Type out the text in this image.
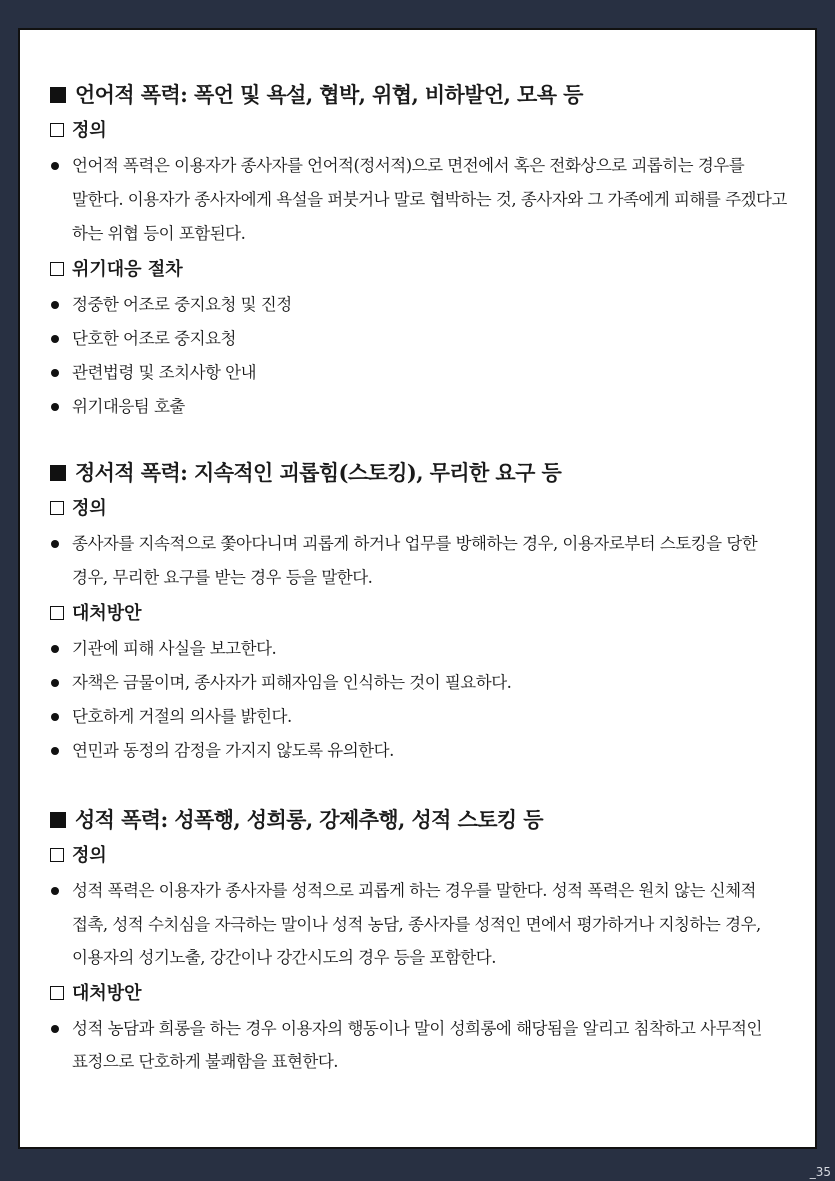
언어적 폭력: 폭언 및 욕설, 협박, 위협, 비하발언, 모욕 등
정의
언어적 폭력은 이용자가 종사자를 언어적(정서적)으로 면전에서 혹은 전화상으로 괴롭히는 경우를 말한다. 이용자가 종사자에게 욕설을 퍼붓거나 말로 협박하는 것, 종사자와 그 가족에게 피해를 주겠다고 하는 위협 등이 포함된다.
위기대응 절차
정중한 어조로 중지요청 및 진정
단호한 어조로 중지요청
관련법령 및 조치사항 안내
위기대응팀 호출
정서적 폭력: 지속적인 괴롭힘(스토킹), 무리한 요구 등
정의
종사자를 지속적으로 쫓아다니며 괴롭게 하거나 업무를 방해하는 경우, 이용자로부터 스토킹을 당한 경우, 무리한 요구를 받는 경우 등을 말한다.
대처방안
기관에 피해 사실을 보고한다.
자책은 금물이며, 종사자가 피해자임을 인식하는 것이 필요하다.
단호하게 거절의 의사를 밝힌다.
연민과 동정의 감정을 가지지 않도록 유의한다.
성적 폭력: 성폭행, 성희롱, 강제추행, 성적 스토킹 등
정의
성적 폭력은 이용자가 종사자를 성적으로 괴롭게 하는 경우를 말한다. 성적 폭력은 원치 않는 신체적 접촉, 성적 수치심을 자극하는 말이나 성적 농담, 종사자를 성적인 면에서 평가하거나 지칭하는 경우, 이용자의 성기노출, 강간이나 강간시도의 경우 등을 포함한다.
대처방안
성적 농담과 희롱을 하는 경우 이용자의 행동이나 말이 성희롱에 해당됨을 알리고 침착하고 사무적인 표정으로 단호하게 불쾌함을 표현한다.
_35
